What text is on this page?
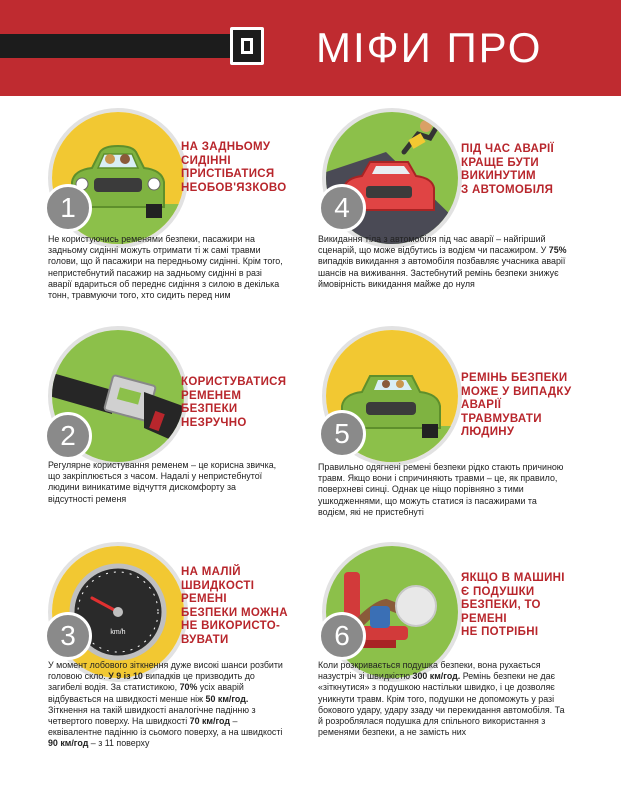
МІФИ ПРО
1
НА ЗАДНЬОМУ
СИДІННІ
ПРИСТІБАТИСЯ
НЕОБОВ'ЯЗКОВО
Не користуючись ременями безпеки, пасажири на задньому сидінні можуть отримати ті ж самі травми голови, що й пасажири на передньому сидінні. Крім того, непристебнутий пасажир на задньому сидінні в разі аварії вдариться об переднє сидіння з силою в декілька тонн, травмуючи того, хто сидить перед ним
4
ПІД ЧАС АВАРІЇ
КРАЩЕ БУТИ
ВИКИНУТИМ
З АВТОМОБІЛЯ
Викидання тіла з автомобіля під час аварії – найгірший сценарій, що може відбутись із водієм чи пасажиром. У 75% випадків викидання з автомобіля позбавляє учасника аварії шансів на виживання. Застебнутий ремінь безпеки знижує ймовірність викидання майже до нуля
2
КОРИСТУВАТИСЯ
РЕМЕНЕМ БЕЗПЕКИ
НЕЗРУЧНО
Регулярне користування ременем – це корисна звичка, що закріплюється з часом. Надалі у непристебнутої людини виникатиме відчуття дискомфорту за відсутності ременя
5
РЕМІНЬ БЕЗПЕКИ
МОЖЕ У ВИПАДКУ
АВАРІЇ ТРАВМУВАТИ
ЛЮДИНУ
Правильно одягнені ремені безпеки рідко стають причиною травм. Якщо вони і спричиняють травми – це, як правило, поверхневі синці. Однак це ніщо порівняно з тими ушкодженнями, що можуть статися із пасажирами та водієм, які не пристебнуті
km/h
3
НА МАЛІЙ
ШВИДКОСТІ РЕМЕНІ
БЕЗПЕКИ МОЖНА
НЕ ВИКОРИСТО-
ВУВАТИ
У момент лобового зіткнення дуже високі шанси розбити головою скло. У 9 із 10 випадків це призводить до загибелі водія. За статистикою, 70% усіх аварій відбувається на швидкості менше ніж 50 км/год. Зіткнення на такій швидкості аналогічне падінню з четвертого поверху. На швидкості 70 км/год – еквівалентне падінню із сьомого поверху, а на швидкості 90 км/год – з 11 поверху
6
ЯКЩО В МАШИНІ
Є ПОДУШКИ
БЕЗПЕКИ, ТО РЕМЕНІ
НЕ ПОТРІБНІ
Коли розкривається подушка безпеки, вона рухається назустріч зі швидкістю 300 км/год. Ремінь безпеки не дає «зіткнутися» з подушкою настільки швидко, і це дозволяє уникнути травм. Крім того, подушки не допоможуть у разі бокового удару, удару ззаду чи перекидання автомобіля. Та й розроблялася подушка для спільного використання з ременями безпеки, а не замість них
